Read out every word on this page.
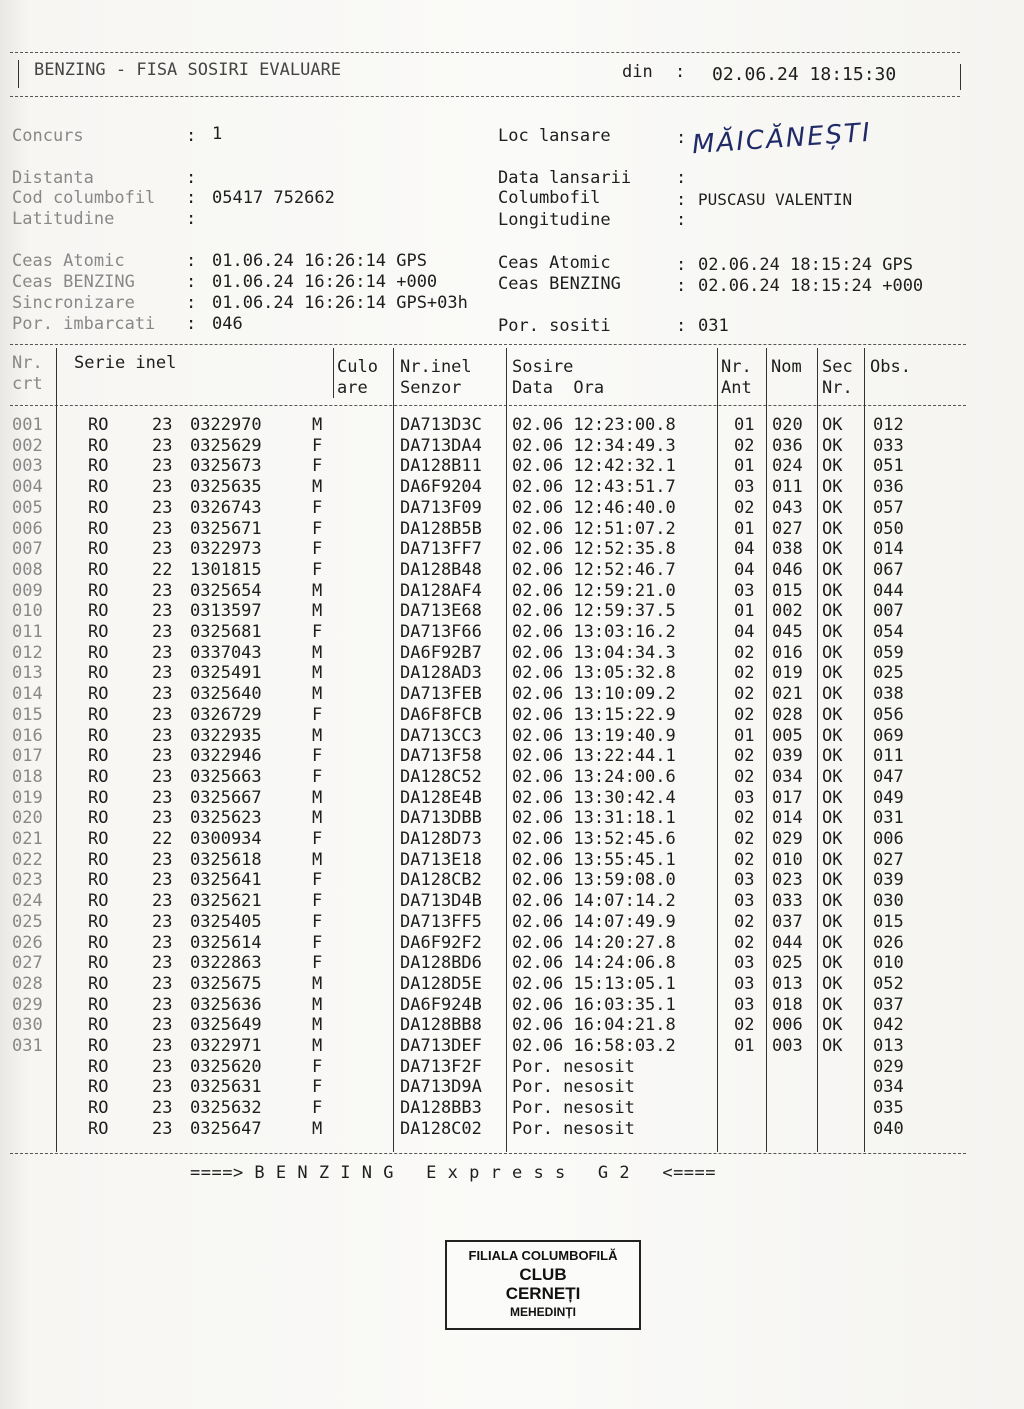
BENZING - FISA SOSIRI EVALUARE	din : 02.06.24 18:15:30
Concurs	: 1
Distanta	:
Cod columbofil : 05417 752662
Latitudine	:
Ceas Atomic	: 01.06.24 16:26:14 GPS
Ceas BENZING	: 01.06.24 16:26:14 +000
Sincronizare	: 01.06.24 16:26:14 GPS+03h
Por. imbarcati : 046
Loc lansare	: MĂICĂNEȘTI
Data lansarii	:
Columbofil	: PUSCASU VALENTIN
Longitudine	:
Ceas Atomic	: 02.06.24 18:15:24 GPS
Ceas BENZING	: 02.06.24 18:15:24 +000
Por. sositi	: 031
Nr.
crt
Serie inel	Culo
are
Nr.inel
Senzor
Sosire
Data  Ora
Nr.
Ant
Nom Sec
Nr.
Obs.
001	RO	23 0322970	M	DA713D3C 02.06 12:23:00.8	01 020 OK 012
002	RO	23 0325629	F	DA713DA4 02.06 12:34:49.3	02 036 OK 033
003	RO	23 0325673	F	DA128B11 02.06 12:42:32.1	01 024 OK 051
004	RO	23 0325635	M	DA6F9204 02.06 12:43:51.7	03 011 OK 036
005	RO	23 0326743	F	DA713F09 02.06 12:46:40.0	02 043 OK 057
006	RO	23 0325671	F	DA128B5B 02.06 12:51:07.2	01 027 OK 050
007	RO	23 0322973	F	DA713FF7 02.06 12:52:35.8	04 038 OK 014
008	RO	22 1301815	F	DA128B48 02.06 12:52:46.7	04 046 OK 067
009	RO	23 0325654	M	DA128AF4 02.06 12:59:21.0	03 015 OK 044
010	RO	23 0313597	M	DA713E68 02.06 12:59:37.5	01 002 OK 007
011	RO	23 0325681	F	DA713F66 02.06 13:03:16.2	04 045 OK 054
012	RO	23 0337043	M	DA6F92B7 02.06 13:04:34.3	02 016 OK 059
013	RO	23 0325491	M	DA128AD3 02.06 13:05:32.8	02 019 OK 025
014	RO	23 0325640	M	DA713FEB 02.06 13:10:09.2	02 021 OK 038
015	RO	23 0326729	F	DA6F8FCB 02.06 13:15:22.9	02 028 OK 056
016	RO	23 0322935	M	DA713CC3 02.06 13:19:40.9	01 005 OK 069
017	RO	23 0322946	F	DA713F58 02.06 13:22:44.1	02 039 OK 011
018	RO	23 0325663	F	DA128C52 02.06 13:24:00.6	02 034 OK 047
019	RO	23 0325667	M	DA128E4B 02.06 13:30:42.4	03 017 OK 049
020	RO	23 0325623	M	DA713DBB 02.06 13:31:18.1	02 014 OK 031
021	RO	22 0300934	F	DA128D73 02.06 13:52:45.6	02 029 OK 006
022	RO	23 0325618	M	DA713E18 02.06 13:55:45.1	02 010 OK 027
023	RO	23 0325641	F	DA128CB2 02.06 13:59:08.0	03 023 OK 039
024	RO	23 0325621	F	DA713D4B 02.06 14:07:14.2	03 033 OK 030
025	RO	23 0325405	F	DA713FF5 02.06 14:07:49.9	02 037 OK 015
026	RO	23 0325614	F	DA6F92F2 02.06 14:20:27.8	02 044 OK 026
027	RO	23 0322863	F	DA128BD6 02.06 14:24:06.8	03 025 OK 010
028	RO	23 0325675	M	DA128D5E 02.06 15:13:05.1	03 013 OK 052
029	RO	23 0325636	M	DA6F924B 02.06 16:03:35.1	03 018 OK 037
030	RO	23 0325649	M	DA128BB8 02.06 16:04:21.8	02 006 OK 042
031	RO	23 0322971	M	DA713DEF 02.06 16:58:03.2	01 003 OK 013
RO	23 0325620	F	DA713F2F Por. nesosit	029
RO	23 0325631	F	DA713D9A Por. nesosit	034
RO	23 0325632	F	DA128BB3 Por. nesosit	035
RO	23 0325647	M	DA128C02 Por. nesosit	040
====> B E N Z I N G   E x p r e s s   G 2   <====
FILIALA COLUMBOFILĂ
CLUB
CERNEȚI
MEHEDINȚI
